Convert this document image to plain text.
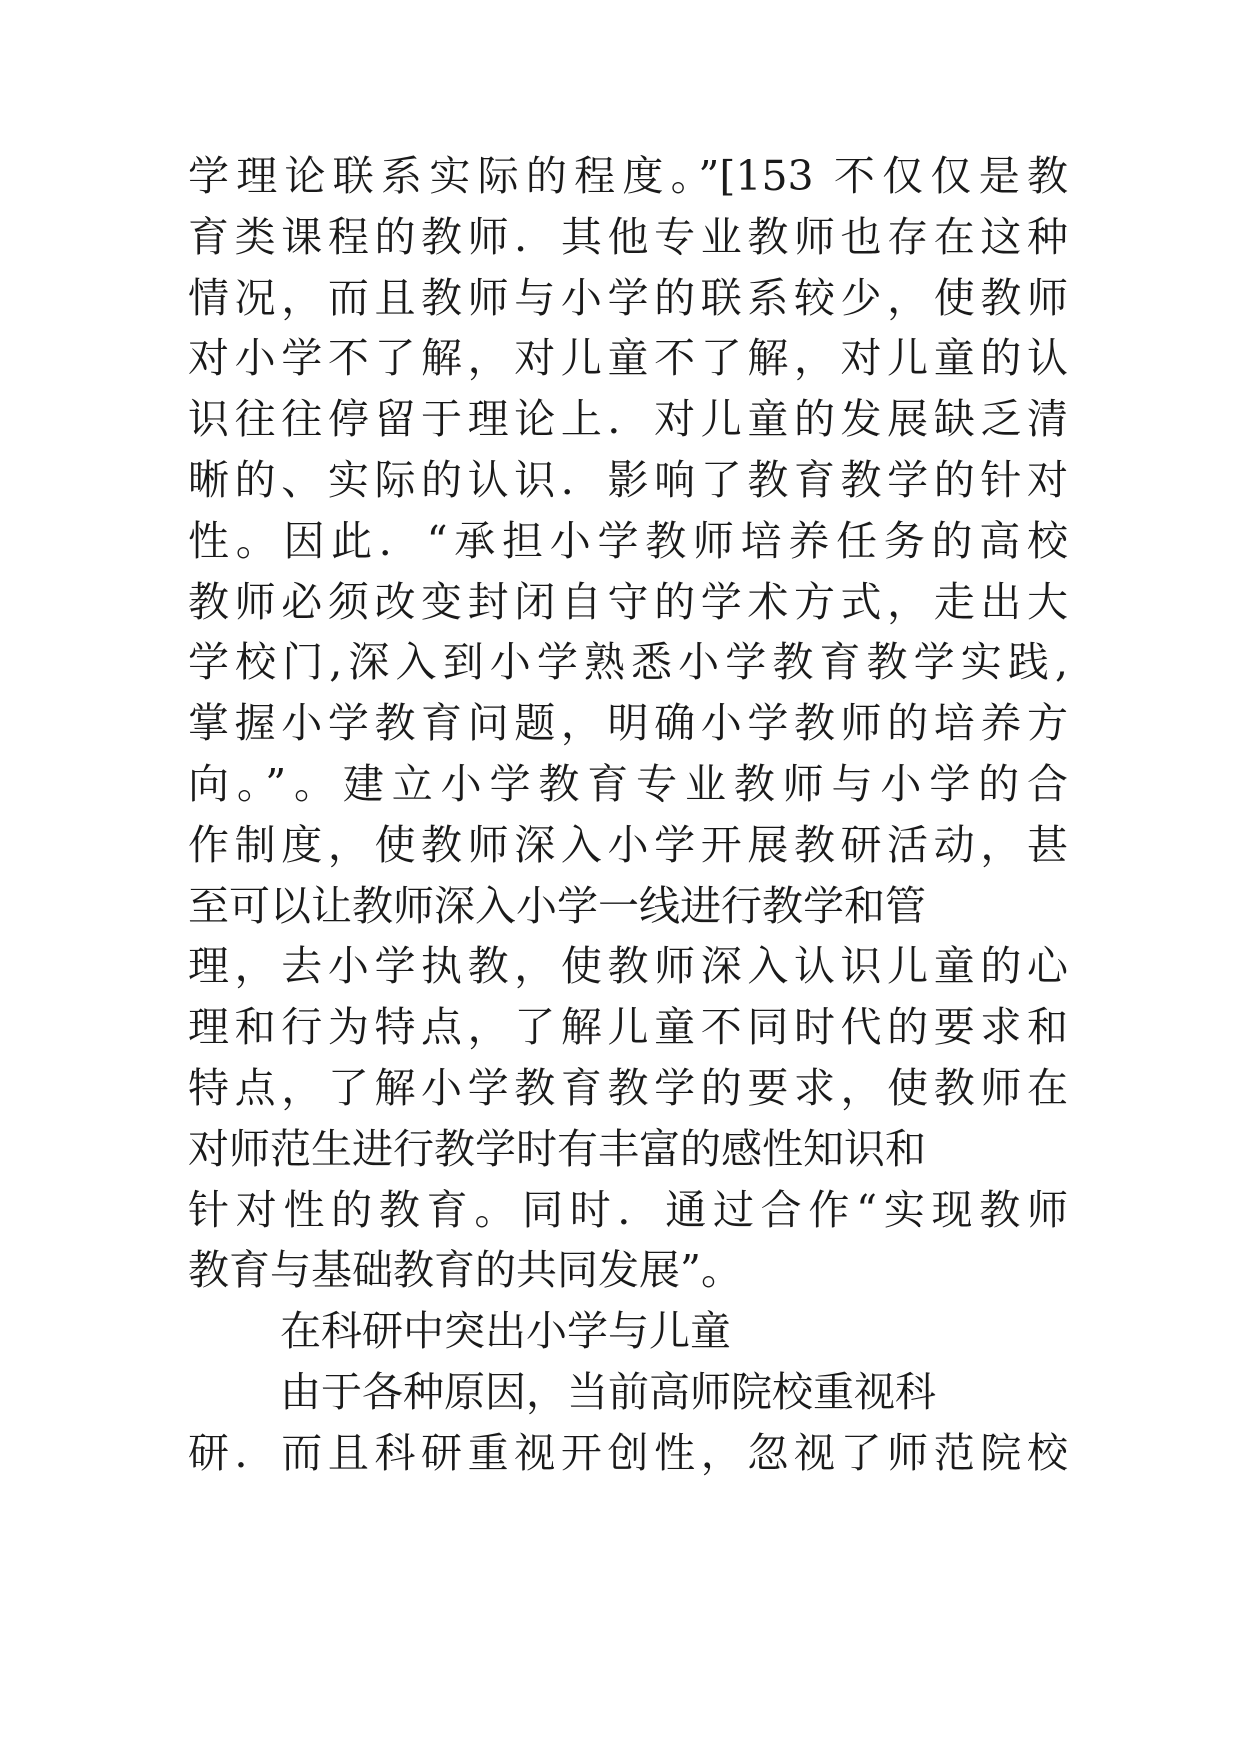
学理论联系实际的程度。”[153 不仅仅是教
育类课程的教师．其他专业教师也存在这种
情况，而且教师与小学的联系较少，使教师
对小学不了解，对儿童不了解，对儿童的认
识往往停留于理论上．对儿童的发展缺乏清
晰的、实际的认识．影响了教育教学的针对
性。因此．“承担小学教师培养任务的高校
教师必须改变封闭自守的学术方式，走出大
学校门,深入到小学熟悉小学教育教学实践,
掌握小学教育问题，明确小学教师的培养方
向。”。建立小学教育专业教师与小学的合
作制度，使教师深入小学开展教研活动，甚
至可以让教师深入小学一线进行教学和管
理，去小学执教，使教师深入认识儿童的心
理和行为特点，了解儿童不同时代的要求和
特点，了解小学教育教学的要求，使教师在
对师范生进行教学时有丰富的感性知识和
针对性的教育。同时．通过合作“实现教师
教育与基础教育的共同发展”。
在科研中突出小学与儿童
由于各种原因，当前高师院校重视科
研．而且科研重视开创性，忽视了师范院校
